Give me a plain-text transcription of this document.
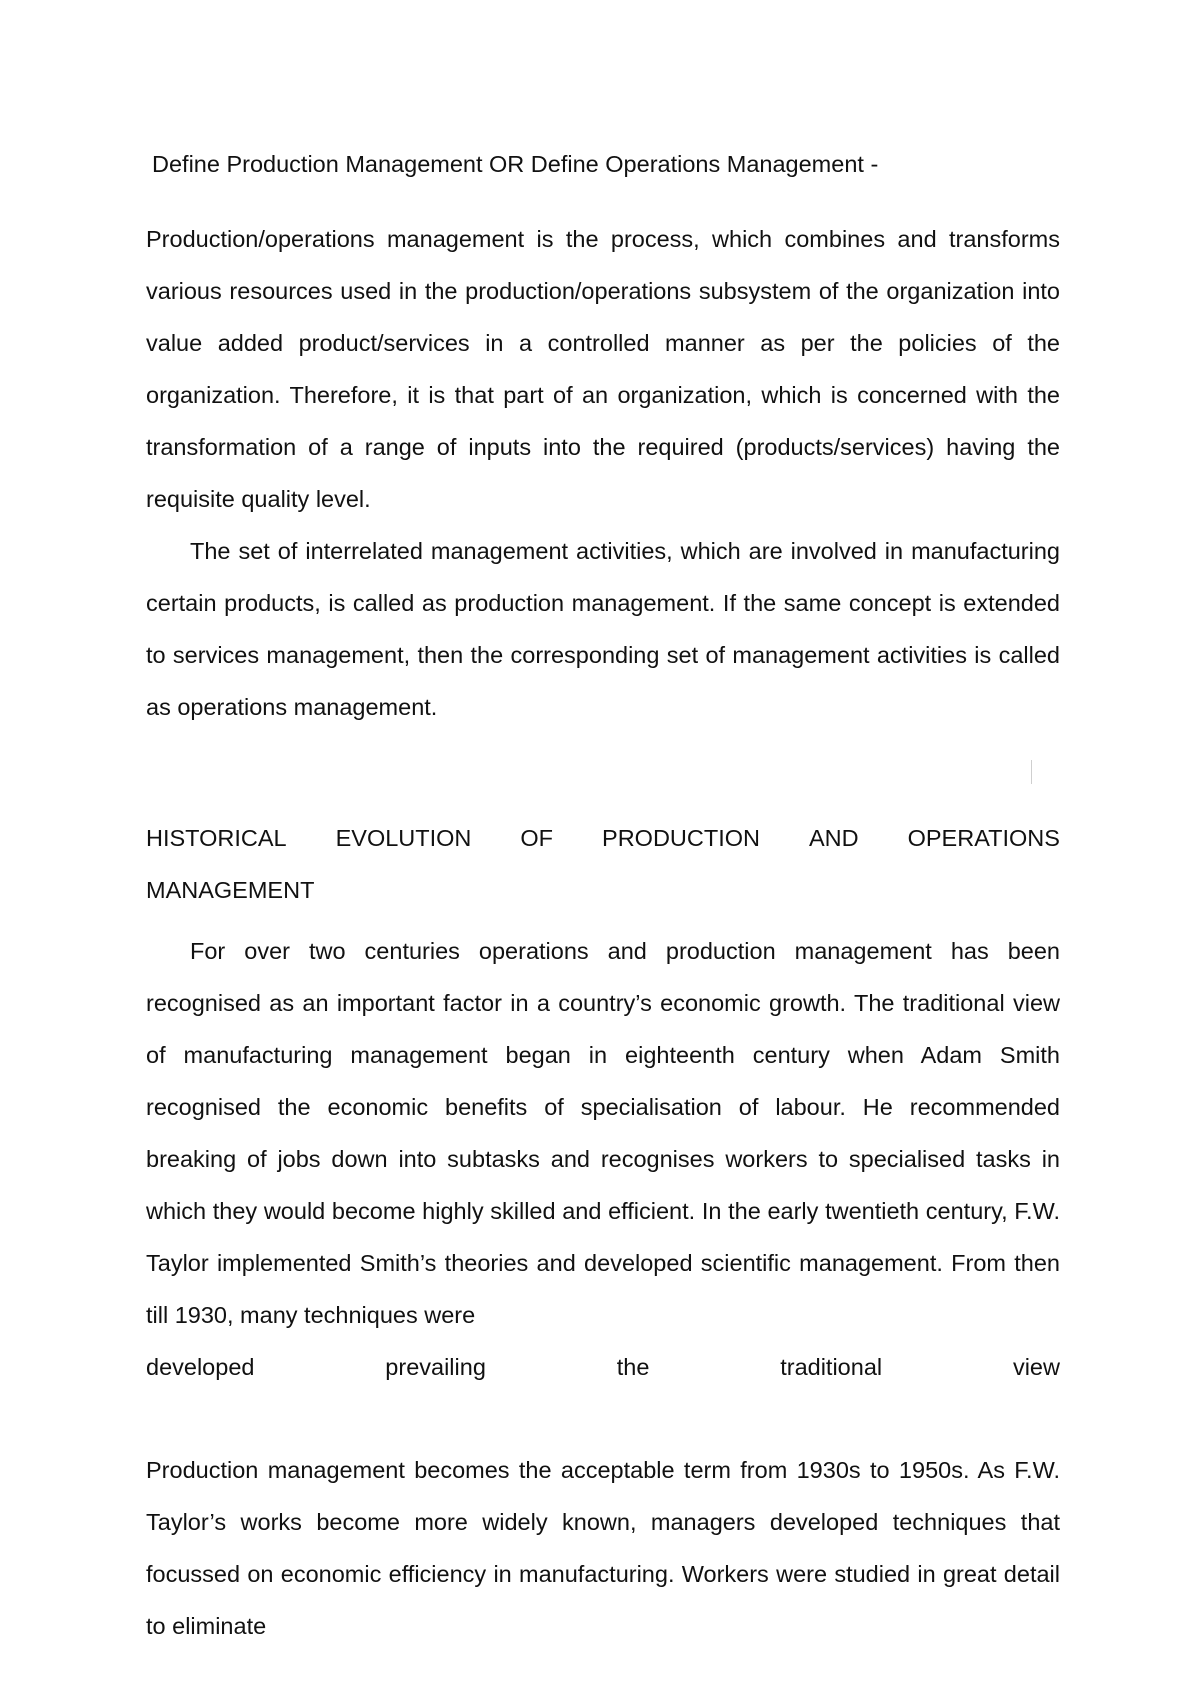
Define Production Management OR Define Operations Management -

Production/operations management is the process, which combines and transforms various resources used in the production/operations subsystem of the organization into value added product/services in a controlled manner as per the policies of the organization. Therefore, it is that part of an organization, which is concerned with the transformation of a range of inputs into the required (products/services) having the requisite quality level.

The set of interrelated management activities, which are involved in manufacturing certain products, is called as production management. If the same concept is extended to services management, then the corresponding set of management activities is called as operations management.

HISTORICAL EVOLUTION OF PRODUCTION AND OPERATIONS
MANAGEMENT

For over two centuries operations and production management has been recognised as an important factor in a country’s economic growth. The traditional view of manufacturing management began in eighteenth century when Adam Smith recognised the economic benefits of specialisation of labour. He recommended breaking of jobs down into subtasks and recognises workers to specialised tasks in which they would become highly skilled and efficient. In the early twentieth century, F.W. Taylor implemented Smith’s theories and developed scientific management. From then till 1930, many techniques were

developed	prevailing	the	traditional	view

Production management becomes the acceptable term from 1930s to 1950s. As F.W. Taylor’s works become more widely known, managers developed techniques that focussed on economic efficiency in manufacturing. Workers were studied in great detail to eliminate
